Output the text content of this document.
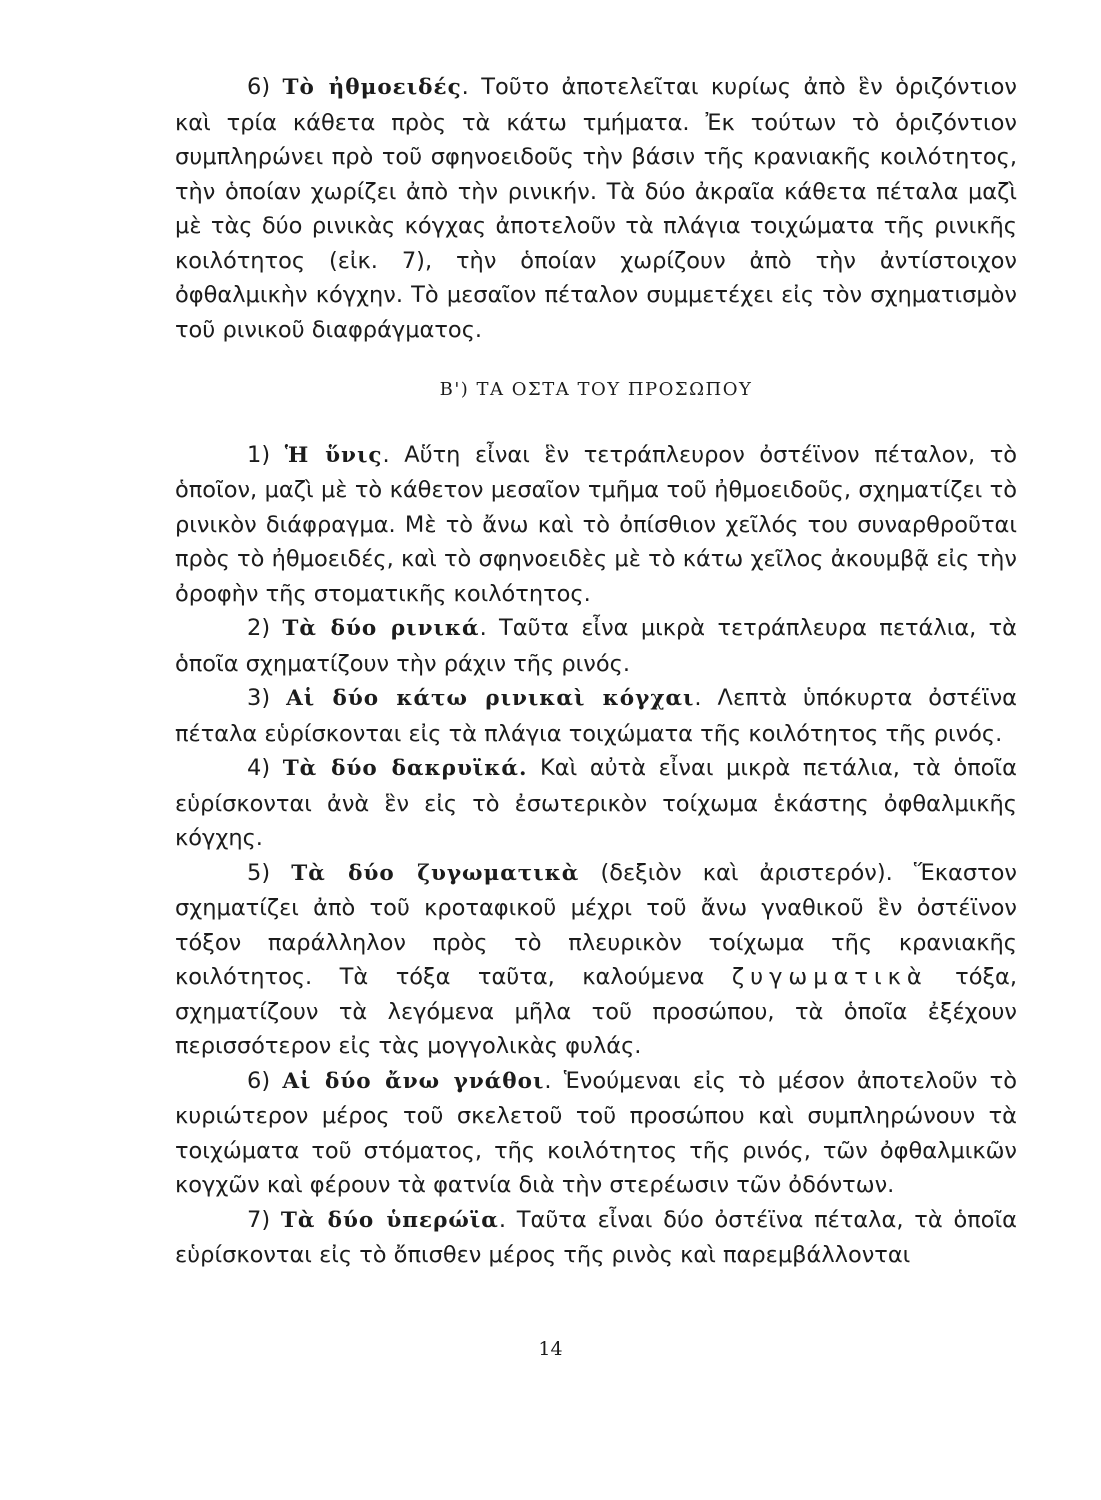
6) Τὸ ἠθμοειδές. Τοῦτο ἀποτελεῖται κυρίως ἀπὸ ἓν ὁριζόντιον καὶ τρία κάθετα πρὸς τὰ κάτω τμήματα. Ἐκ τούτων τὸ ὁριζόντιον συμπληρώνει πρὸ τοῦ σφηνοειδοῦς τὴν βάσιν τῆς κρανιακῆς κοιλότητος, τὴν ὁποίαν χωρίζει ἀπὸ τὴν ρινικήν. Τὰ δύο ἀκραῖα κάθετα πέταλα μαζὶ μὲ τὰς δύο ρινικὰς κόγχας ἀποτελοῦν τὰ πλάγια τοιχώματα τῆς ρινικῆς κοιλότητος (εἰκ. 7), τὴν ὁποίαν χωρίζουν ἀπὸ τὴν ἀντίστοιχον ὀφθαλμικὴν κόγχην. Τὸ μεσαῖον πέταλον συμμετέχει εἰς τὸν σχηματισμὸν τοῦ ρινικοῦ διαφράγματος.

Β') ΤΑ ΟΣΤΑ ΤΟΥ ΠΡΟΣΩΠΟΥ

1) Ἡ ὕνις. Αὕτη εἶναι ἓν τετράπλευρον ὀστέϊνον πέταλον, τὸ ὁποῖον, μαζὶ μὲ τὸ κάθετον μεσαῖον τμῆμα τοῦ ἠθμοειδοῦς, σχηματίζει τὸ ρινικὸν διάφραγμα. Μὲ τὸ ἄνω καὶ τὸ ὀπίσθιον χεῖλός του συναρθροῦται πρὸς τὸ ἠθμοειδές, καὶ τὸ σφηνοειδὲς μὲ τὸ κάτω χεῖλος ἀκουμβᾷ εἰς τὴν ὀροφὴν τῆς στοματικῆς κοιλότητος.

2) Τὰ δύο ρινικά. Ταῦτα εἶνα μικρὰ τετράπλευρα πετάλια, τὰ ὁποῖα σχηματίζουν τὴν ράχιν τῆς ρινός.

3) Αἱ δύο κάτω ρινικαὶ κόγχαι. Λεπτὰ ὑπόκυρτα ὀστέϊνα πέταλα εὑρίσκονται εἰς τὰ πλάγια τοιχώματα τῆς κοιλότητος τῆς ρινός.

4) Τὰ δύο δακρυϊκά. Καὶ αὐτὰ εἶναι μικρὰ πετάλια, τὰ ὁποῖα εὑρίσκονται ἀνὰ ἓν εἰς τὸ ἐσωτερικὸν τοίχωμα ἑκάστης ὀφθαλμικῆς κόγχης.

5) Τὰ δύο ζυγωματικὰ (δεξιὸν καὶ ἀριστερόν). Ἕκαστον σχηματίζει ἀπὸ τοῦ κροταφικοῦ μέχρι τοῦ ἄνω γναθικοῦ ἓν ὀστέϊνον τόξον παράλληλον πρὸς τὸ πλευρικὸν τοίχωμα τῆς κρανιακῆς κοιλότητος. Τὰ τόξα ταῦτα, καλούμενα ζυγωματικὰ τόξα, σχηματίζουν τὰ λεγόμενα μῆλα τοῦ προσώπου, τὰ ὁποῖα ἐξέχουν περισσότερον εἰς τὰς μογγολικὰς φυλάς.

6) Αἱ δύο ἄνω γνάθοι. Ἑνούμεναι εἰς τὸ μέσον ἀποτελοῦν τὸ κυριώτερον μέρος τοῦ σκελετοῦ τοῦ προσώπου καὶ συμπληρώνουν τὰ τοιχώματα τοῦ στόματος, τῆς κοιλότητος τῆς ρινός, τῶν ὀφθαλμικῶν κογχῶν καὶ φέρουν τὰ φατνία διὰ τὴν στερέωσιν τῶν ὀδόντων.

7) Τὰ δύο ὑπερώϊα. Ταῦτα εἶναι δύο ὀστέϊνα πέταλα, τὰ ὁποῖα εὑρίσκονται εἰς τὸ ὄπισθεν μέρος τῆς ρινὸς καὶ παρεμβάλλονται

14
